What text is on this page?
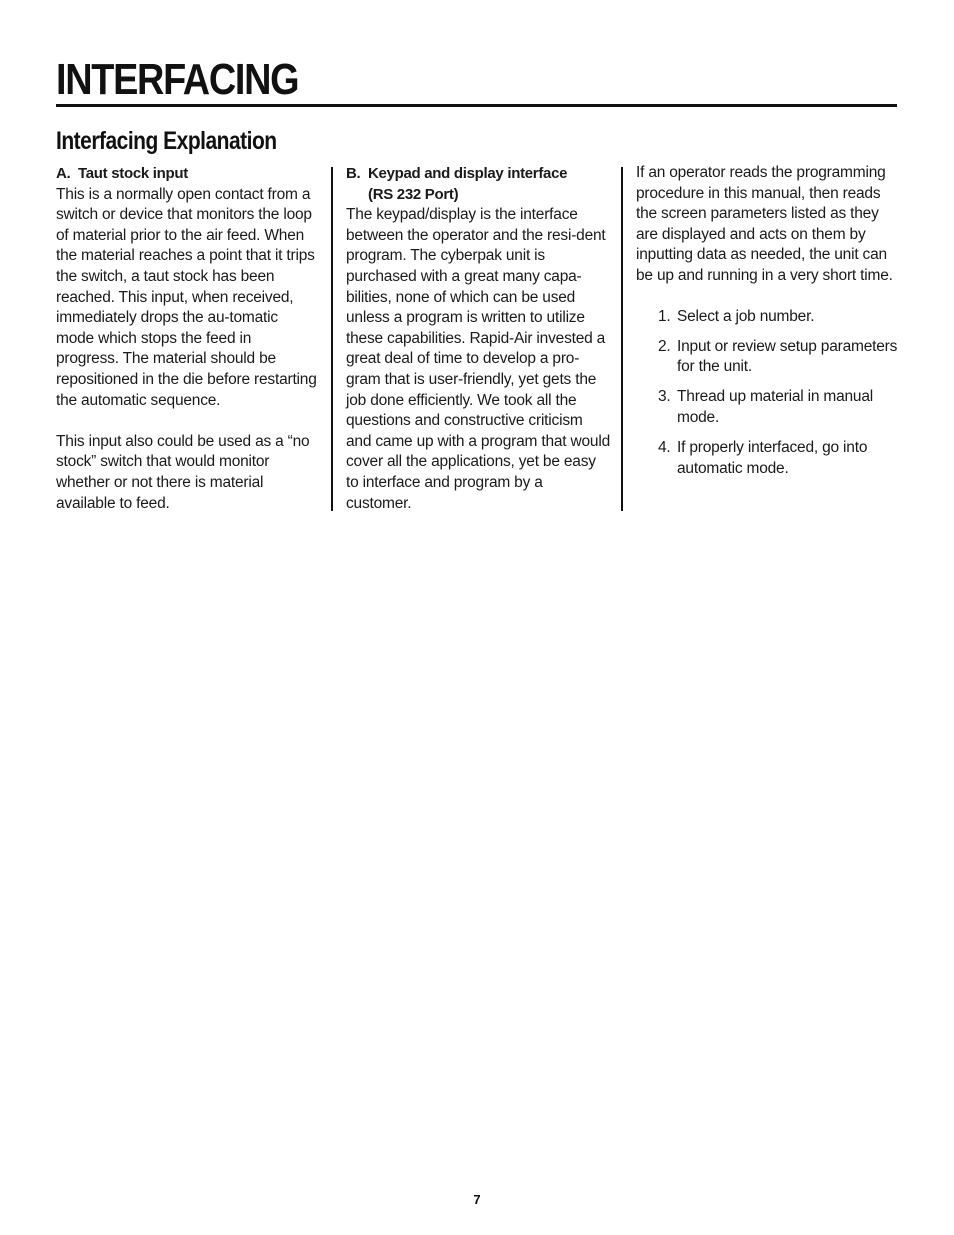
INTERFACING
Interfacing Explanation

A. Taut stock input

This is a normally open contact from a switch or device that monitors the loop of material prior to the air feed. When the material reaches a point that it trips the switch, a taut stock has been reached. This input, when received, immediately drops the au-tomatic mode which stops the feed in progress. The material should be repositioned in the die before restarting the automatic sequence.

This input also could be used as a “no stock” switch that would monitor whether or not there is material available to feed.

B. Keypad and display interface
(RS 232 Port)

The keypad/display is the interface between the operator and the resi-dent program. The cyberpak unit is purchased with a great many capa-bilities, none of which can be used unless a program is written to utilize these capabilities. Rapid-Air invested a great deal of time to develop a pro-gram that is user-friendly, yet gets the job done efficiently. We took all the questions and constructive criticism and came up with a program that would cover all the applications, yet be easy to interface and program by a customer.

If an operator reads the programming procedure in this manual, then reads the screen parameters listed as they are displayed and acts on them by inputting data as needed, the unit can be up and running in a very short time.

1. Select a job number.
2. Input or review setup parameters for the unit.
3. Thread up material in manual mode.
4. If properly interfaced, go into automatic mode.
7
